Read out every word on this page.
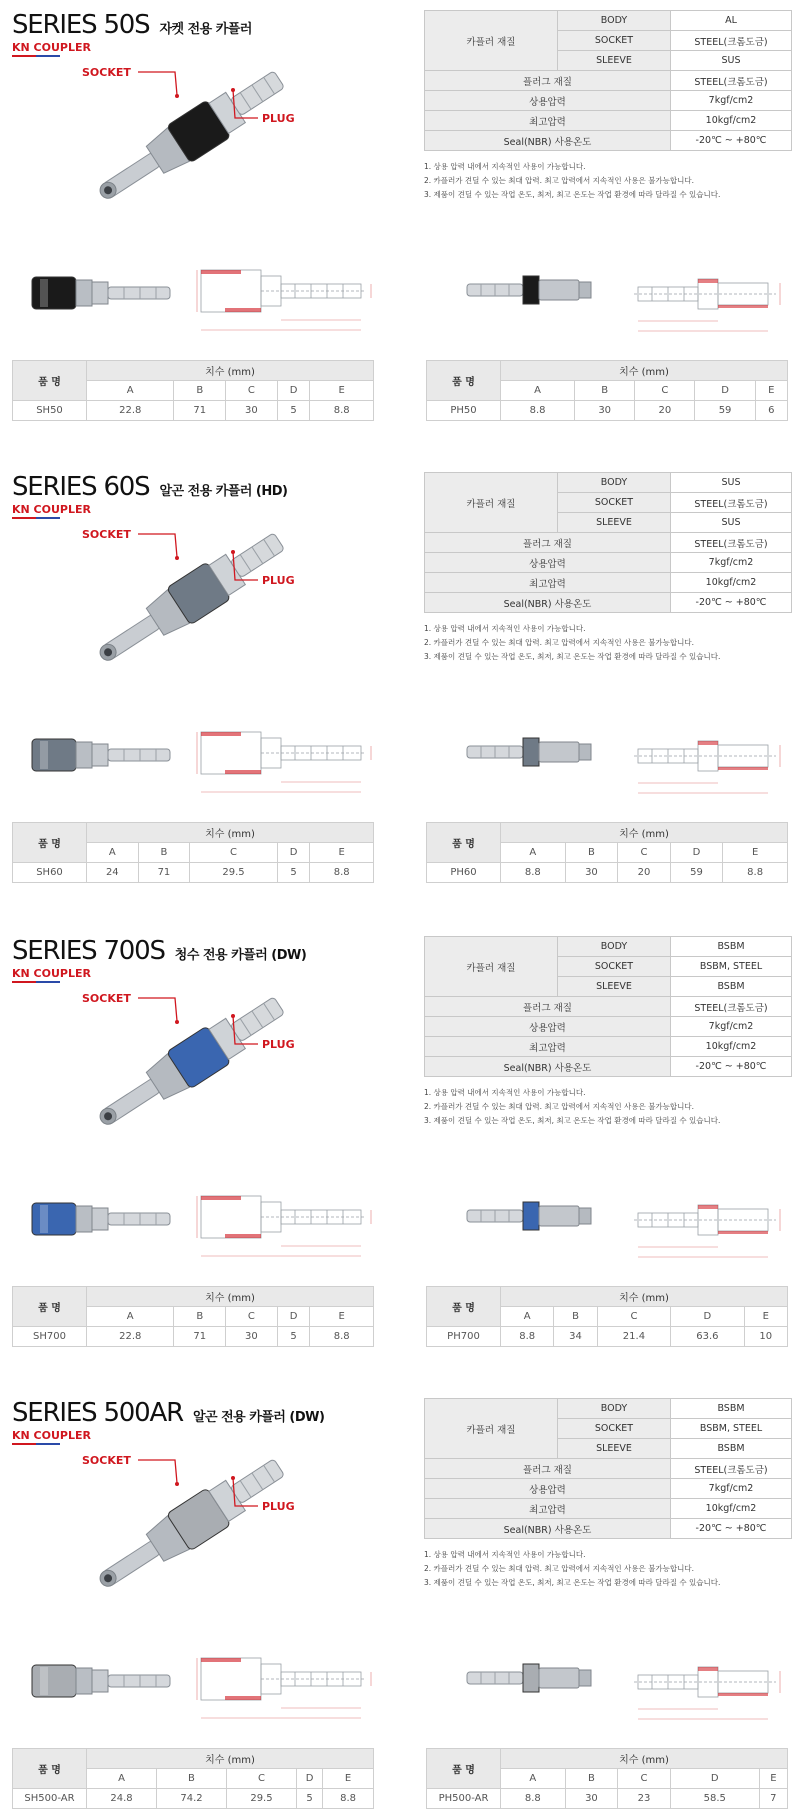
SERIES 50S 자켓 전용 카플러
KN COUPLER
SOCKET
PLUG
카플러 재질	BODY	AL
	SOCKET	STEEL(크롬도금)
	SLEEVE	SUS
플러그 재질		STEEL(크롬도금)
상용압력		7kgf/cm2
최고압력		10kgf/cm2
Seal(NBR) 사용온도		-20℃ ~ +80℃
1. 상용 압력 내에서 지속적인 사용이 가능합니다.
2. 카플러가 견딜 수 있는 최대 압력. 최고 압력에서 지속적인 사용은 불가능합니다.
3. 제품이 견딜 수 있는 작업 온도, 최저, 최고 온도는 작업 환경에 따라 달라질 수 있습니다.
품 명	치수 (mm)				
	A	B	C	D	E
SH50	22.8	71	30	5	8.8
품 명	치수 (mm)				
	A	B	C	D	E
PH50	8.8	30	20	59	6
SERIES 60S 알곤 전용 카플러 (HD)
KN COUPLER
SOCKET
PLUG
카플러 재질	BODY	SUS
	SOCKET	STEEL(크롬도금)
	SLEEVE	SUS
플러그 재질		STEEL(크롬도금)
상용압력		7kgf/cm2
최고압력		10kgf/cm2
Seal(NBR) 사용온도		-20℃ ~ +80℃
1. 상용 압력 내에서 지속적인 사용이 가능합니다.
2. 카플러가 견딜 수 있는 최대 압력. 최고 압력에서 지속적인 사용은 불가능합니다.
3. 제품이 견딜 수 있는 작업 온도, 최저, 최고 온도는 작업 환경에 따라 달라질 수 있습니다.
품 명	치수 (mm)				
	A	B	C	D	E
SH60	24	71	29.5	5	8.8
품 명	치수 (mm)				
	A	B	C	D	E
PH60	8.8	30	20	59	8.8
SERIES 700S 청수 전용 카플러 (DW)
KN COUPLER
SOCKET
PLUG
카플러 재질	BODY	BSBM
	SOCKET	BSBM, STEEL
	SLEEVE	BSBM
플러그 재질		STEEL(크롬도금)
상용압력		7kgf/cm2
최고압력		10kgf/cm2
Seal(NBR) 사용온도		-20℃ ~ +80℃
1. 상용 압력 내에서 지속적인 사용이 가능합니다.
2. 카플러가 견딜 수 있는 최대 압력. 최고 압력에서 지속적인 사용은 불가능합니다.
3. 제품이 견딜 수 있는 작업 온도, 최저, 최고 온도는 작업 환경에 따라 달라질 수 있습니다.
품 명	치수 (mm)				
	A	B	C	D	E
SH700	22.8	71	30	5	8.8
품 명	치수 (mm)				
	A	B	C	D	E
PH700	8.8	34	21.4	63.6	10
SERIES 500AR 알곤 전용 카플러 (DW)
KN COUPLER
SOCKET
PLUG
카플러 재질	BODY	BSBM
	SOCKET	BSBM, STEEL
	SLEEVE	BSBM
플러그 재질		STEEL(크롬도금)
상용압력		7kgf/cm2
최고압력		10kgf/cm2
Seal(NBR) 사용온도		-20℃ ~ +80℃
1. 상용 압력 내에서 지속적인 사용이 가능합니다.
2. 카플러가 견딜 수 있는 최대 압력. 최고 압력에서 지속적인 사용은 불가능합니다.
3. 제품이 견딜 수 있는 작업 온도, 최저, 최고 온도는 작업 환경에 따라 달라질 수 있습니다.
품 명	치수 (mm)				
	A	B	C	D	E
SH500-AR	24.8	74.2	29.5	5	8.8
품 명	치수 (mm)				
	A	B	C	D	E
PH500-AR	8.8	30	23	58.5	7
